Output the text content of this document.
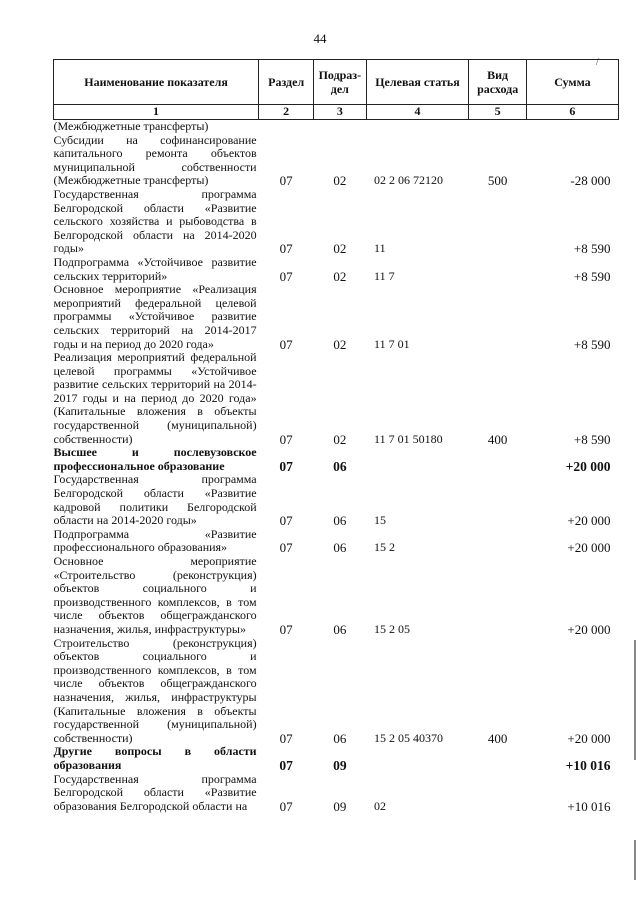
44
/
Наименование показателя	Раздел	Подраз-дел	Целевая статья	Вид расхода	Сумма
1	2	3	4	5	6
(Межбюджетные трансферты)					
Субсидии на софинансирование капитального ремонта объектов муниципальной собственности (Межбюджетные трансферты)	07	02	02 2 06 72120	500	-28 000
Государственная программа Белгородской области «Развитие сельского хозяйства и рыбоводства в Белгородской области на 2014-2020 годы»	07	02	11		+8 590
Подпрограмма «Устойчивое развитие сельских территорий»	07	02	11 7		+8 590
Основное мероприятие «Реализация мероприятий федеральной целевой программы «Устойчивое развитие сельских территорий на 2014-2017 годы и на период до 2020 года»	07	02	11 7 01		+8 590
Реализация мероприятий федеральной целевой программы «Устойчивое развитие сельских территорий на 2014-2017 годы и на период до 2020 года» (Капитальные вложения в объекты государственной (муниципальной) собственности)	07	02	11 7 01 50180	400	+8 590
Высшее и послевузовское профессиональное образование	07	06			+20 000
Государственная программа Белгородской области «Развитие кадровой политики Белгородской области на 2014-2020 годы»	07	06	15		+20 000
Подпрограмма «Развитие профессионального образования»	07	06	15 2		+20 000
Основное мероприятие «Строительство (реконструкция) объектов социального и производственного комплексов, в том числе объектов общегражданского назначения, жилья, инфраструктуры»	07	06	15 2 05		+20 000
Строительство (реконструкция) объектов социального и производственного комплексов, в том числе объектов общегражданского назначения, жилья, инфраструктуры (Капитальные вложения в объекты государственной (муниципальной) собственности)	07	06	15 2 05 40370	400	+20 000
Другие вопросы в области образования	07	09			+10 016
Государственная программа Белгородской области «Развитие образования Белгородской области на	07	09	02		+10 016
